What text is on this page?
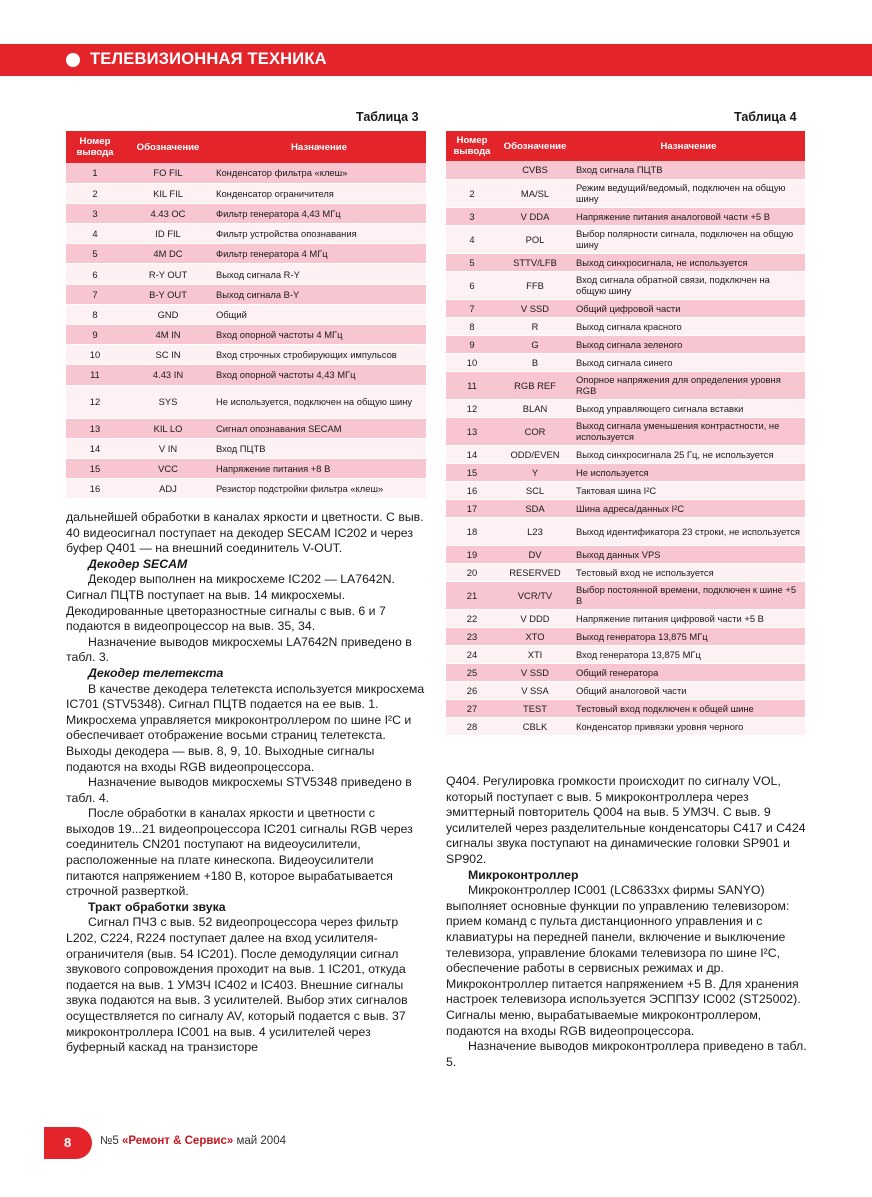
ТЕЛЕВИЗИОННАЯ ТЕХНИКА
Таблица 3	Таблица 4
Номер вывода	Обозначение	Назначение
1	FO FIL	Конденсатор фильтра «клеш»
2	KIL FIL	Конденсатор ограничителя
3	4.43 OC	Фильтр генератора 4,43 МГц
4	ID FIL	Фильтр устройства опознавания
5	4M DC	Фильтр генератора 4 МГц
6	R-Y OUT	Выход сигнала R-Y
7	B-Y OUT	Выход сигнала B-Y
8	GND	Общий
9	4M IN	Вход опорной частоты 4 МГц
10	SC IN	Вход строчных стробирующих импульсов
11	4.43 IN	Вход опорной частоты 4,43 МГц
12	SYS	Не используется, подключен на общую шину
13	KIL LO	Сигнал опознавания SECAM
14	V IN	Вход ПЦТВ
15	VCC	Напряжение питания +8 В
16	ADJ	Резистор подстройки фильтра «клеш»
Номер вывода	Обозначение	Назначение
	CVBS	Вход сигнала ПЦТВ
2	MA/SL	Режим ведущий/ведомый, подключен на общую шину
3	V DDA	Напряжение питания аналоговой части +5 В
4	POL	Выбор полярности сигнала, подключен на общую шину
5	STTV/LFB	Выход синхросигнала, не используется
6	FFB	Вход сигнала обратной связи, подключен на общую шину
7	V SSD	Общий цифровой части
8	R	Выход сигнала красного
9	G	Выход сигнала зеленого
10	B	Выход сигнала синего
11	RGB REF	Опорное напряжения для определения уровня RGB
12	BLAN	Выход управляющего сигнала вставки
13	COR	Выход сигнала уменьшения контрастности, не используется
14	ODD/EVEN	Выход синхросигнала 25 Гц, не используется
15	Y	Не используется
16	SCL	Тактовая шина I²C
17	SDA	Шина адреса/данных I²C
18	L23	Выход идентификатора 23 строки, не используется
19	DV	Выход данных VPS
20	RESERVED	Тестовый вход не используется
21	VCR/TV	Выбор постоянной времени, подключен к шине +5 В
22	V DDD	Напряжение питания цифровой части +5 В
23	XTO	Выход генератора 13,875 МГц
24	XTI	Вход генератора 13,875 МГц
25	V SSD	Общий генератора
26	V SSA	Общий аналоговой части
27	TEST	Тестовый вход подключен к общей шине
28	CBLK	Конденсатор привязки уровня черного

дальнейшей обработки в каналах яркости и цветности. С выв. 40 видеосигнал поступает на декодер SECAM IC202 и через буфер Q401 — на внешний соединитель V-OUT.

Декодер SECAM

Декодер выполнен на микросхеме IC202 — LA7642N. Сигнал ПЦТВ поступает на выв. 14 микросхемы. Декодированные цветоразностные сигналы с выв. 6 и 7 подаются в видеопроцессор на выв. 35, 34.

Назначение выводов микросхемы LA7642N приведено в табл. 3.

Декодер телетекста

В качестве декодера телетекста используется микросхема IC701 (STV5348). Сигнал ПЦТВ подается на ее выв. 1. Микросхема управляется микроконтроллером по шине I²C и обеспечивает отображение восьми страниц телетекста. Выходы декодера — выв. 8, 9, 10. Выходные сигналы подаются на входы RGB видеопроцессора.

Назначение выводов микросхемы STV5348 приведено в табл. 4.

После обработки в каналах яркости и цветности с выходов 19...21 видеопроцессора IC201 сигналы RGB через соединитель CN201 поступают на видеоусилители, расположенные на плате кинескопа. Видеоусилители питаются напряжением +180 В, которое вырабатывается строчной разверткой.

Тракт обработки звука

Сигнал ПЧЗ с выв. 52 видеопроцессора через фильтр L202, C224, R224 поступает далее на вход усилителя-ограничителя (выв. 54 IC201). После демодуляции сигнал звукового сопровождения проходит на выв. 1 IC201, откуда подается на выв. 1 УМЗЧ IC402 и IC403. Внешние сигналы звука подаются на выв. 3 усилителей. Выбор этих сигналов осуществляется по сигналу AV, который подается с выв. 37 микроконтроллера IC001 на выв. 4 усилителей через буферный каскад на транзисторе

Q404. Регулировка громкости происходит по сигналу VOL, который поступает с выв. 5 микроконтроллера через эмиттерный повторитель Q004 на выв. 5 УМЗЧ. С выв. 9 усилителей через разделительные конденсаторы C417 и C424 сигналы звука поступают на динамические головки SP901 и SP902.

Микроконтроллер

Микроконтроллер IC001 (LC8633xx фирмы SANYO) выполняет основные функции по управлению телевизором: прием команд с пульта дистанционного управления и с клавиатуры на передней панели, включение и выключение телевизора, управление блоками телевизора по шине I²C, обеспечение работы в сервисных режимах и др. Микроконтроллер питается напряжением +5 В. Для хранения настроек телевизора используется ЭСППЗУ IC002 (ST25002). Сигналы меню, вырабатываемые микроконтроллером, подаются на входы RGB видеопроцессора.

Назначение выводов микроконтроллера приведено в табл. 5.

8	№5 «Ремонт & Сервис» май 2004
